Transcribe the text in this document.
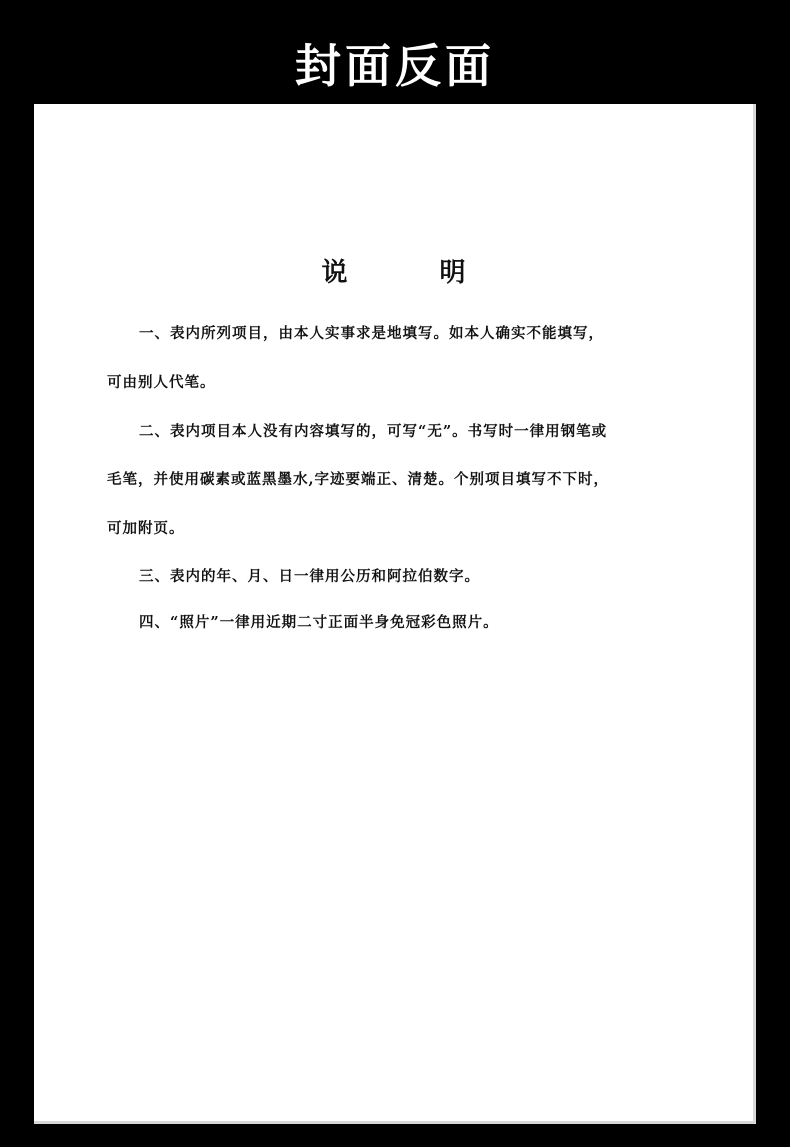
封面反面
说	明
一、表内所列项目，由本人实事求是地填写。如本人确实不能填写，
可由别人代笔。
二、表内项目本人没有内容填写的，可写“无”。书写时一律用钢笔或
毛笔，并使用碳素或蓝黑墨水,字迹要端正、清楚。个别项目填写不下时，
可加附页。
三、表内的年、月、日一律用公历和阿拉伯数字。
四、“照片”一律用近期二寸正面半身免冠彩色照片。
